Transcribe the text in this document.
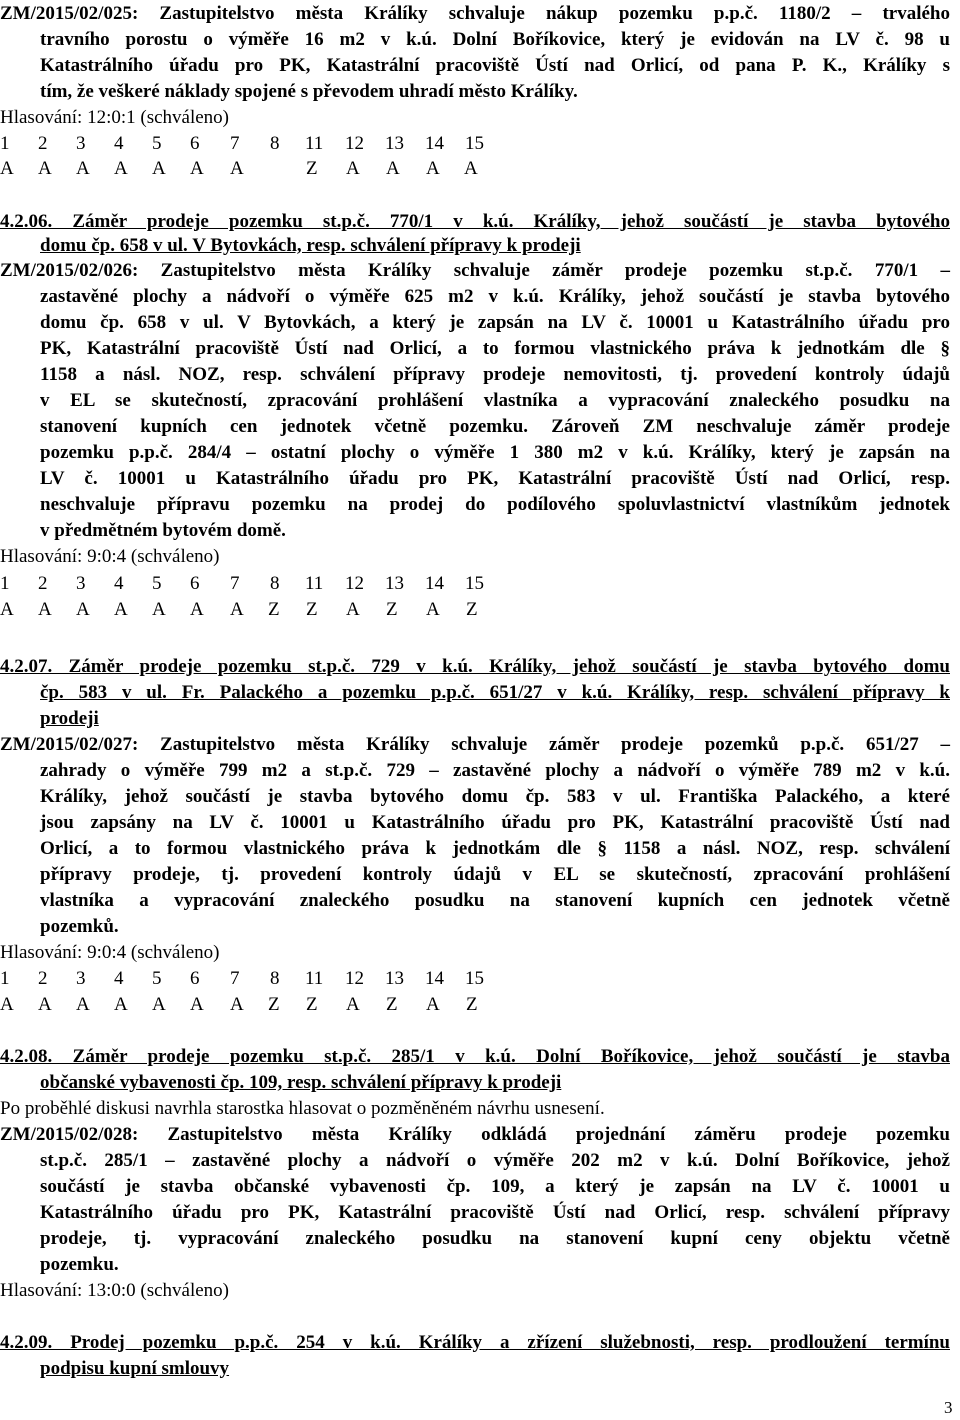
ZM/2015/02/025: Zastupitelstvo města Králíky schvaluje nákup pozemku p.p.č. 1180/2 – trvalého
travního porostu o výměře 16 m2 v k.ú. Dolní Boříkovice, který je evidován na LV č. 98 u
Katastrálního úřadu pro PK, Katastrální pracoviště Ústí nad Orlicí, od pana P. K., Králíky s
tím, že veškeré náklady spojené s převodem uhradí město Králíky.
Hlasování: 12:0:1 (schváleno)
1 2 3 4 5 6 7 8 11 12 13 14 15
A A A A A A A	Z A A A A
4.2.06. Záměr prodeje pozemku st.p.č. 770/1 v k.ú. Králíky, jehož součástí je stavba bytového
domu čp. 658 v ul. V Bytovkách, resp. schválení přípravy k prodeji
ZM/2015/02/026: Zastupitelstvo města Králíky schvaluje záměr prodeje pozemku st.p.č. 770/1 –
zastavěné plochy a nádvoří o výměře 625 m2 v k.ú. Králíky, jehož součástí je stavba bytového
domu čp. 658 v ul. V Bytovkách, a který je zapsán na LV č. 10001 u Katastrálního úřadu pro
PK, Katastrální pracoviště Ústí nad Orlicí, a to formou vlastnického práva k jednotkám dle §
1158 a násl. NOZ, resp. schválení přípravy prodeje nemovitosti, tj. provedení kontroly údajů
v EL se skutečností, zpracování prohlášení vlastníka a vypracování znaleckého posudku na
stanovení kupních cen jednotek včetně pozemku. Zároveň ZM neschvaluje záměr prodeje
pozemku p.p.č. 284/4 – ostatní plochy o výměře 1 380 m2 v k.ú. Králíky, který je zapsán na
LV č. 10001 u Katastrálního úřadu pro PK, Katastrální pracoviště Ústí nad Orlicí, resp.
neschvaluje přípravu pozemku na prodej do podílového spoluvlastnictví vlastníkům jednotek
v předmětném bytovém domě.
Hlasování: 9:0:4 (schváleno)
1 2 3 4 5 6 7 8 11 12 13 14 15
A A A A A A A Z Z A Z A Z
4.2.07. Záměr prodeje pozemku st.p.č. 729 v k.ú. Králíky, jehož součástí je stavba bytového domu
čp. 583 v ul. Fr. Palackého a pozemku p.p.č. 651/27 v k.ú. Králíky, resp. schválení přípravy k
prodeji
ZM/2015/02/027: Zastupitelstvo města Králíky schvaluje záměr prodeje pozemků p.p.č. 651/27 –
zahrady o výměře 799 m2 a st.p.č. 729 – zastavěné plochy a nádvoří o výměře 789 m2 v k.ú.
Králíky, jehož součástí je stavba bytového domu čp. 583 v ul. Františka Palackého, a které
jsou zapsány na LV č. 10001 u Katastrálního úřadu pro PK, Katastrální pracoviště Ústí nad
Orlicí, a to formou vlastnického práva k jednotkám dle § 1158 a násl. NOZ, resp. schválení
přípravy prodeje, tj. provedení kontroly údajů v EL se skutečností, zpracování prohlášení
vlastníka a vypracování znaleckého posudku na stanovení kupních cen jednotek včetně
pozemků.
Hlasování: 9:0:4 (schváleno)
1 2 3 4 5 6 7 8 11 12 13 14 15
A A A A A A A Z Z A Z A Z
4.2.08. Záměr prodeje pozemku st.p.č. 285/1 v k.ú. Dolní Boříkovice, jehož součástí je stavba
občanské vybavenosti čp. 109, resp. schválení přípravy k prodeji
Po proběhlé diskusi navrhla starostka hlasovat o pozměněném návrhu usnesení.
ZM/2015/02/028: Zastupitelstvo města Králíky odkládá projednání záměru prodeje pozemku
st.p.č. 285/1 – zastavěné plochy a nádvoří o výměře 202 m2 v k.ú. Dolní Boříkovice, jehož
součástí je stavba občanské vybavenosti čp. 109, a který je zapsán na LV č. 10001 u
Katastrálního úřadu pro PK, Katastrální pracoviště Ústí nad Orlicí, resp. schválení přípravy
prodeje, tj. vypracování znaleckého posudku na stanovení kupní ceny objektu včetně
pozemku.
Hlasování: 13:0:0 (schváleno)
4.2.09. Prodej pozemku p.p.č. 254 v k.ú. Králíky a zřízení služebnosti, resp. prodloužení termínu
podpisu kupní smlouvy
3
